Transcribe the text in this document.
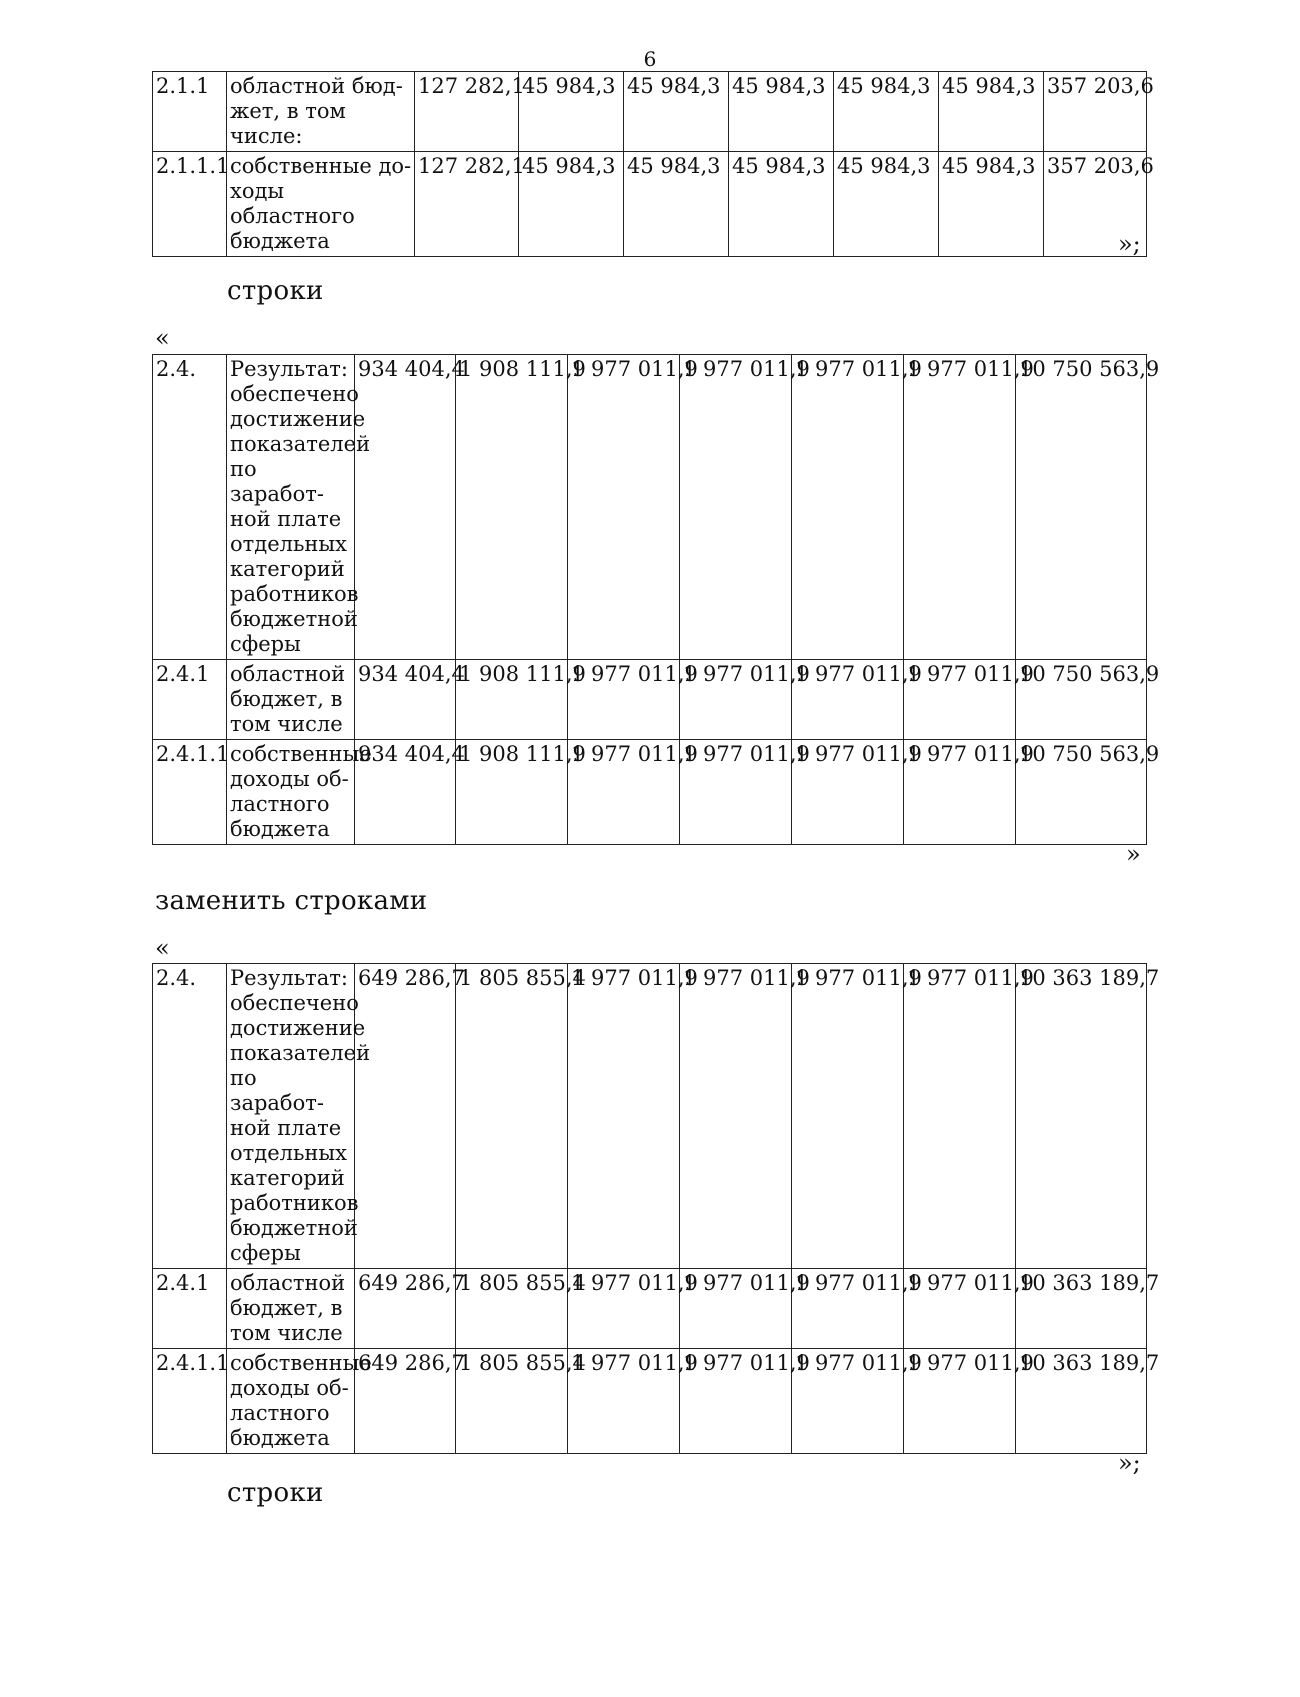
6
2.1.1	областной бюд-жет, в том числе:	127 282,1	45 984,3	45 984,3	45 984,3	45 984,3	45 984,3	357 203,6
2.1.1.1	собственные до-ходы областного бюджета	127 282,1	45 984,3	45 984,3	45 984,3	45 984,3	45 984,3	357 203,6
»;
строки
«
2.4.	Результат: обеспечено достижение показателей по заработ-ной плате отдельных категорий работников бюджетной сферы	934 404,4	1 908 111,9	1 977 011,9	1 977 011,9	1 977 011,9	1 977 011,9	10 750 563,9
2.4.1	областной бюджет, в том числе	934 404,4	1 908 111,9	1 977 011,9	1 977 011,9	1 977 011,9	1 977 011,9	10 750 563,9
2.4.1.1	собственные доходы об-ластного бюджета	934 404,4	1 908 111,9	1 977 011,9	1 977 011,9	1 977 011,9	1 977 011,9	10 750 563,9
»
заменить строками
«
2.4.	Результат: обеспечено достижение показателей по заработ-ной плате отдельных категорий работников бюджетной сферы	649 286,7	1 805 855,4	1 977 011,9	1 977 011,9	1 977 011,9	1 977 011,9	10 363 189,7
2.4.1	областной бюджет, в том числе	649 286,7	1 805 855,4	1 977 011,9	1 977 011,9	1 977 011,9	1 977 011,9	10 363 189,7
2.4.1.1	собственные доходы об-ластного бюджета	649 286,7	1 805 855,4	1 977 011,9	1 977 011,9	1 977 011,9	1 977 011,9	10 363 189,7
»;
строки
